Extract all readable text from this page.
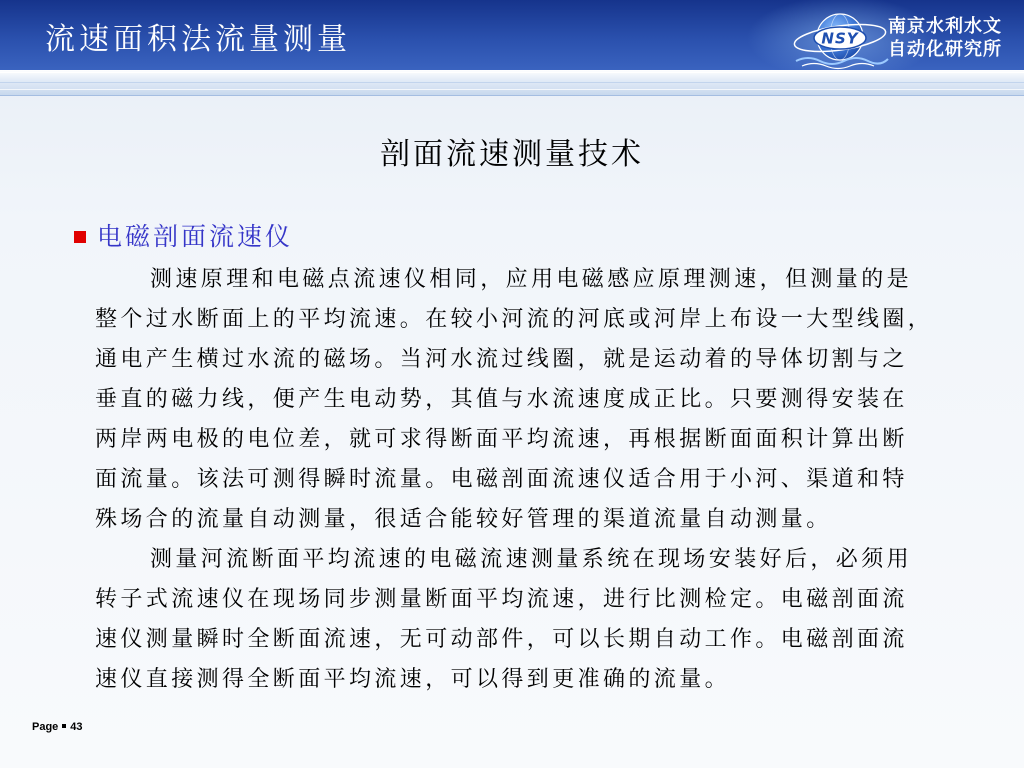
流速面积法流量测量	NSY
南京水利水文
自动化研究所
剖面流速测量技术
电磁剖面流速仪
测速原理和电磁点流速仪相同，应用电磁感应原理测速，但测量的是
整个过水断面上的平均流速。在较小河流的河底或河岸上布设一大型线圈，
通电产生横过水流的磁场。当河水流过线圈，就是运动着的导体切割与之
垂直的磁力线，便产生电动势，其值与水流速度成正比。只要测得安装在
两岸两电极的电位差，就可求得断面平均流速，再根据断面面积计算出断
面流量。该法可测得瞬时流量。电磁剖面流速仪适合用于小河、渠道和特
殊场合的流量自动测量，很适合能较好管理的渠道流量自动测量。
测量河流断面平均流速的电磁流速测量系统在现场安装好后，必须用
转子式流速仪在现场同步测量断面平均流速，进行比测检定。电磁剖面流
速仪测量瞬时全断面流速，无可动部件，可以长期自动工作。电磁剖面流
速仪直接测得全断面平均流速，可以得到更准确的流量。
Page 43
